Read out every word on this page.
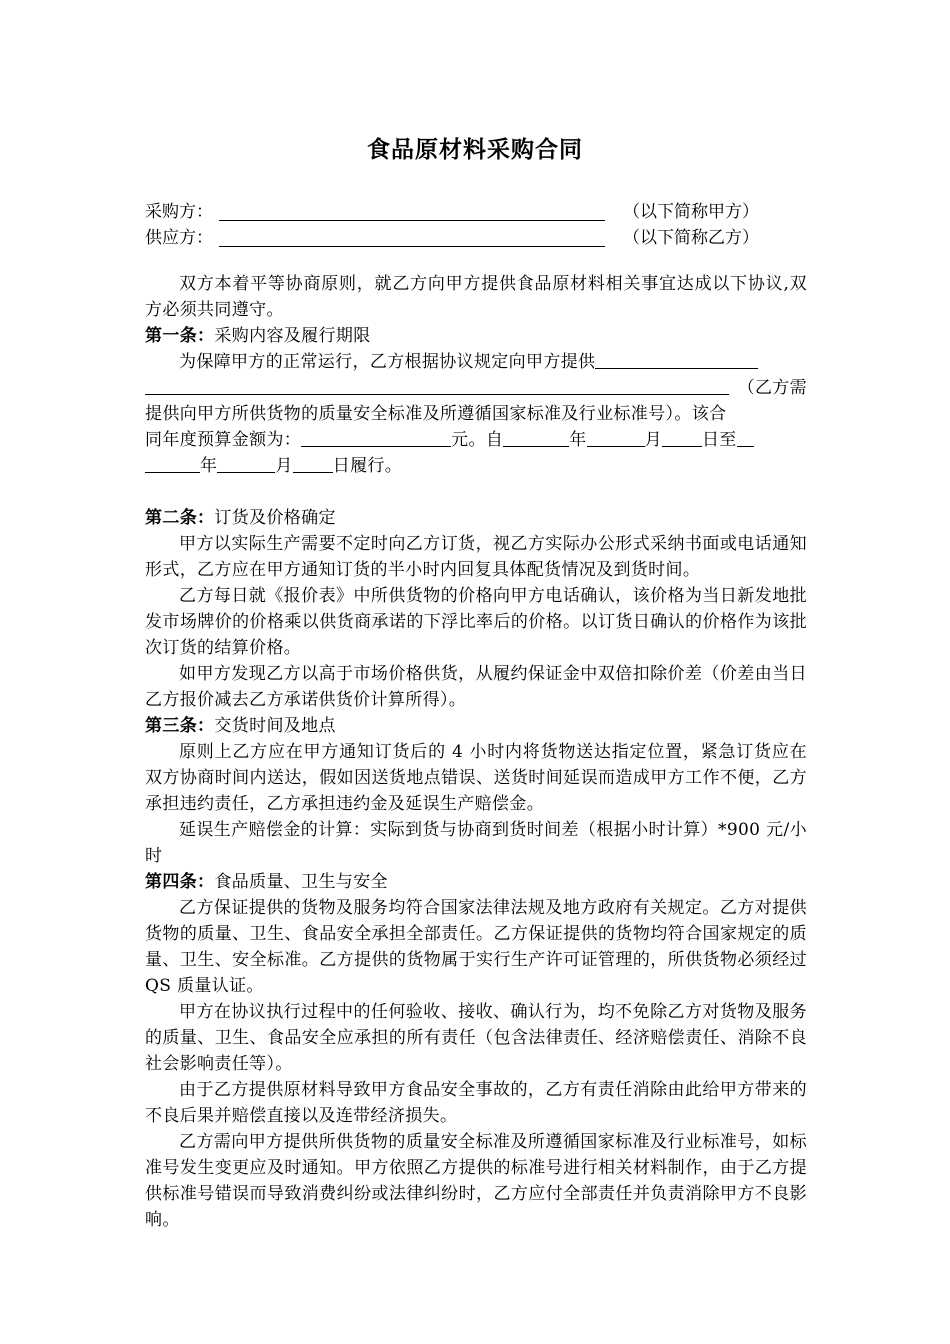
食品原材料采购合同
采购方：	（以下简称甲方）
供应方：	（以下简称乙方）

双方本着平等协商原则，就乙方向甲方提供食品原材料相关事宜达成以下协议,双方必须共同遵守。

第一条：采购内容及履行期限
为保障甲方的正常运行，乙方根据协议规定向甲方提供
（乙方需
提供向甲方所供货物的质量安全标准及所遵循国家标准及行业标准号）。该合
同年度预算金额为：	元。自	年	月 日至
年	月 日履行。
第二条：订货及价格确定

甲方以实际生产需要不定时向乙方订货，视乙方实际办公形式采纳书面或电话通知形式，乙方应在甲方通知订货的半小时内回复具体配货情况及到货时间。

乙方每日就《报价表》中所供货物的价格向甲方电话确认，该价格为当日新发地批发市场牌价的价格乘以供货商承诺的下浮比率后的价格。以订货日确认的价格作为该批次订货的结算价格。

如甲方发现乙方以高于市场价格供货，从履约保证金中双倍扣除价差（价差由当日乙方报价减去乙方承诺供货价计算所得）。

第三条：交货时间及地点

原则上乙方应在甲方通知订货后的 4 小时内将货物送达指定位置，紧急订货应在双方协商时间内送达，假如因送货地点错误、送货时间延误而造成甲方工作不便，乙方承担违约责任，乙方承担违约金及延误生产赔偿金。

延误生产赔偿金的计算：实际到货与协商到货时间差（根据小时计算）*900 元/小时

第四条：食品质量、卫生与安全

乙方保证提供的货物及服务均符合国家法律法规及地方政府有关规定。乙方对提供货物的质量、卫生、食品安全承担全部责任。乙方保证提供的货物均符合国家规定的质量、卫生、安全标准。乙方提供的货物属于实行生产许可证管理的，所供货物必须经过 QS 质量认证。

甲方在协议执行过程中的任何验收、接收、确认行为，均不免除乙方对货物及服务的质量、卫生、食品安全应承担的所有责任（包含法律责任、经济赔偿责任、消除不良社会影响责任等）。

由于乙方提供原材料导致甲方食品安全事故的，乙方有责任消除由此给甲方带来的不良后果并赔偿直接以及连带经济损失。

乙方需向甲方提供所供货物的质量安全标准及所遵循国家标准及行业标准号，如标准号发生变更应及时通知。甲方依照乙方提供的标准号进行相关材料制作，由于乙方提供标准号错误而导致消费纠纷或法律纠纷时，乙方应付全部责任并负责消除甲方不良影响。
